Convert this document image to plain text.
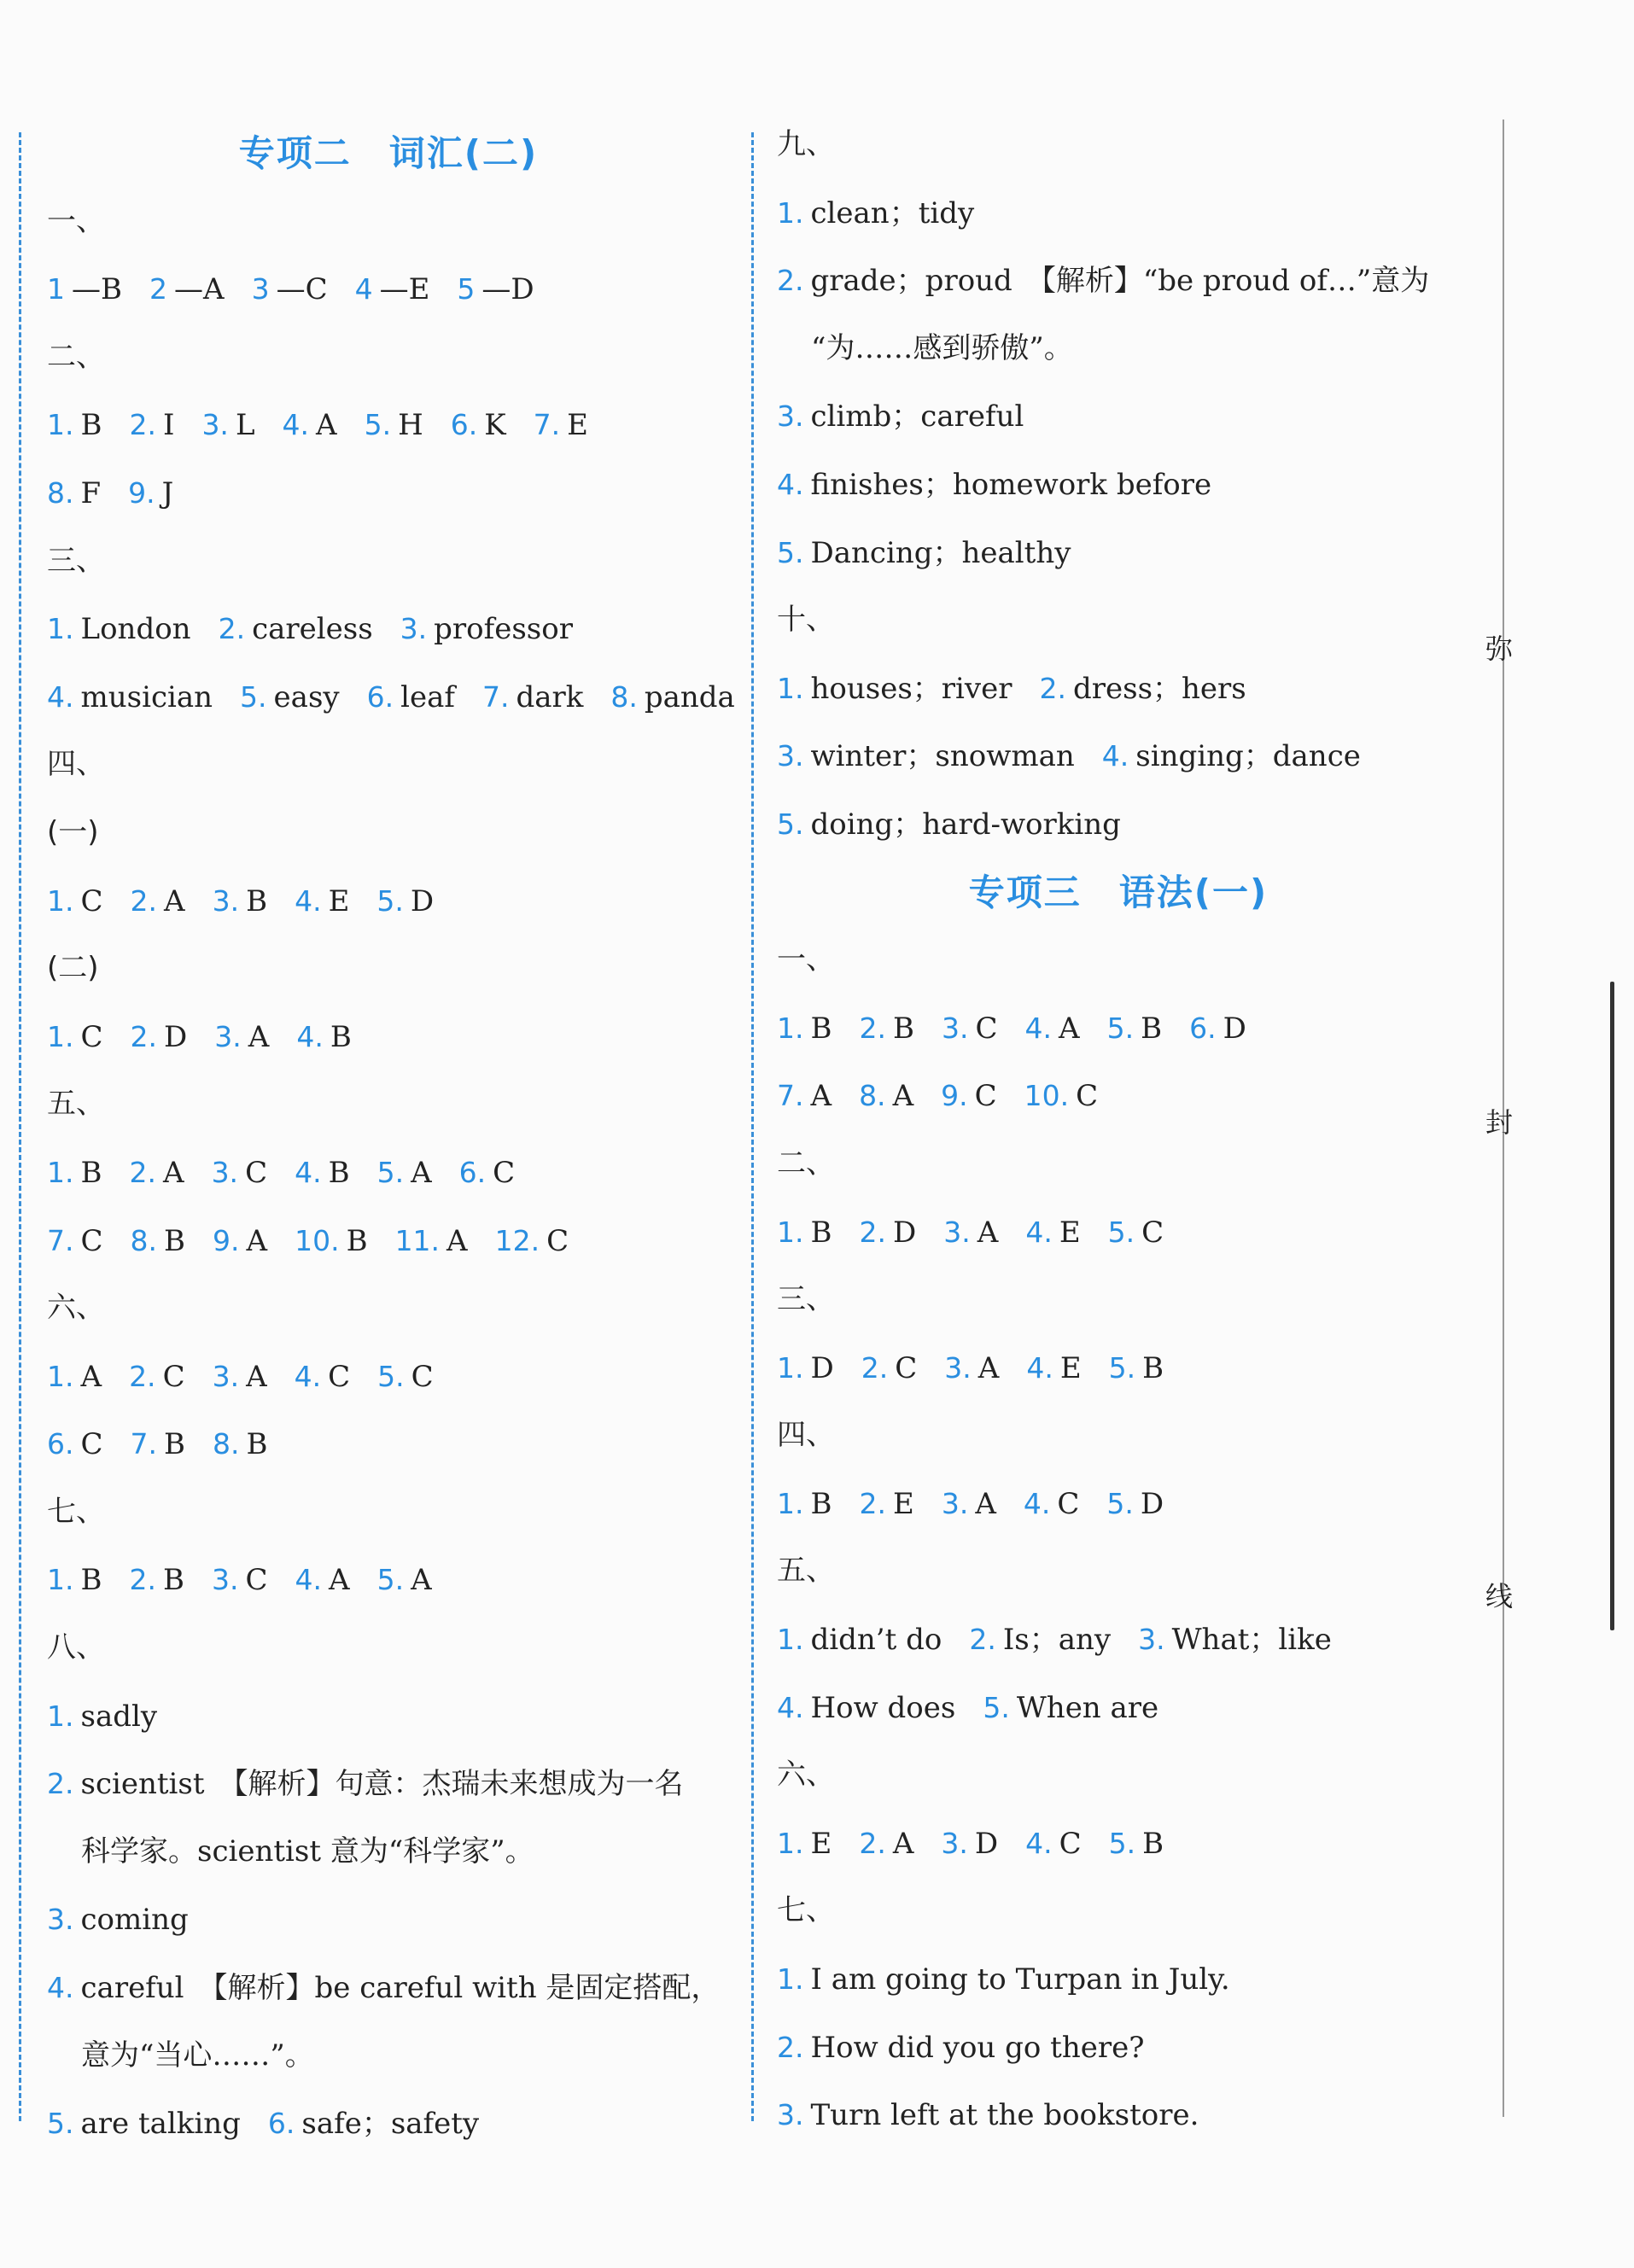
弥
封
线
专项二　词汇(二)
一、
1 —B 2 —A 3 —C 4 —E 5 —D
二、
1. B 2. I 3. L 4. A 5. H 6. K 7. E
8. F 9. J
三、
1. London 2. careless 3. professor
4. musician 5. easy 6. leaf 7. dark 8. panda
四、
(一)
1. C 2. A 3. B 4. E 5. D
(二)
1. C 2. D 3. A 4. B
五、
1. B 2. A 3. C 4. B 5. A 6. C
7. C 8. B 9. A 10. B 11. A 12. C
六、
1. A 2. C 3. A 4. C 5. C
6. C 7. B 8. B
七、
1. B 2. B 3. C 4. A 5. A
八、
1. sadly
2. scientist　【解析】句意：杰瑞未来想成为一名
科学家。scientist 意为“科学家”。
3. coming
4. careful　【解析】be careful with 是固定搭配，
意为“当心……”。
5. are talking 6. safe；safety
九、
1. clean；tidy
2. grade；proud　【解析】“be proud of…”意为
“为……感到骄傲”。
3. climb；careful
4. finishes；homework before
5. Dancing；healthy
十、
1. houses；river 2. dress；hers
3. winter；snowman 4. singing；dance
5. doing；hard-working
专项三　语法(一)
一、
1. B 2. B 3. C 4. A 5. B 6. D
7. A 8. A 9. C 10. C
二、
1. B 2. D 3. A 4. E 5. C
三、
1. D 2. C 3. A 4. E 5. B
四、
1. B 2. E 3. A 4. C 5. D
五、
1. didn’t do 2. Is；any 3. What；like
4. How does 5. When are
六、
1. E 2. A 3. D 4. C 5. B
七、
1. I am going to Turpan in July.
2. How did you go there?
3. Turn left at the bookstore.
